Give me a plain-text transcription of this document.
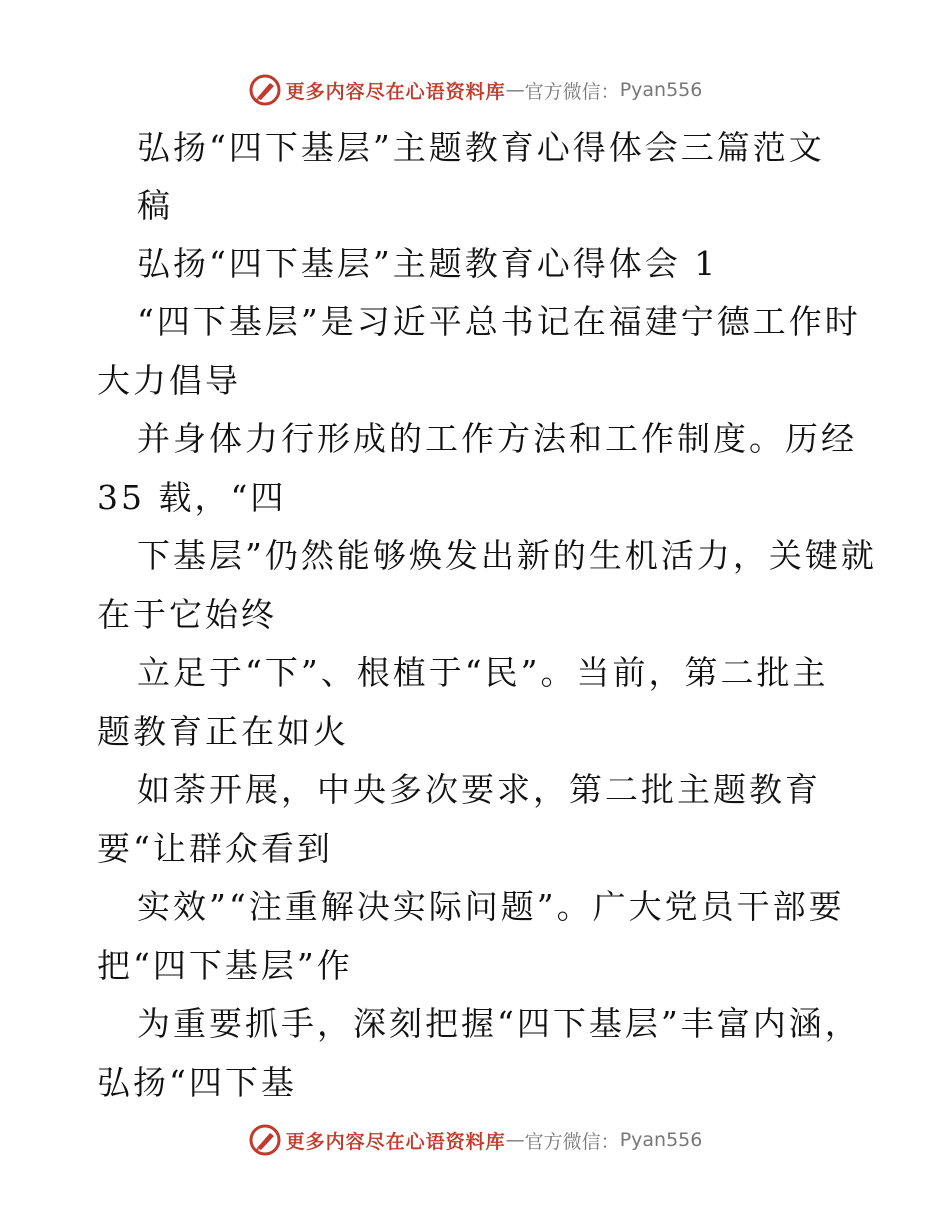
更多内容尽在心语资料库 — 官方微信： Pyan556
弘扬“四下基层”主题教育心得体会三篇范文
稿
弘扬“四下基层”主题教育心得体会 1
“四下基层”是习近平总书记在福建宁德工作时
大力倡导
并身体力行形成的工作方法和工作制度。历经
35 载，“四
下基层”仍然能够焕发出新的生机活力，关键就
在于它始终
立足于“下”、根植于“民”。当前，第二批主
题教育正在如火
如荼开展，中央多次要求，第二批主题教育
要“让群众看到
实效”“注重解决实际问题”。广大党员干部要
把“四下基层”作
为重要抓手，深刻把握“四下基层”丰富内涵，
弘扬“四下基
更多内容尽在心语资料库 — 官方微信： Pyan556
